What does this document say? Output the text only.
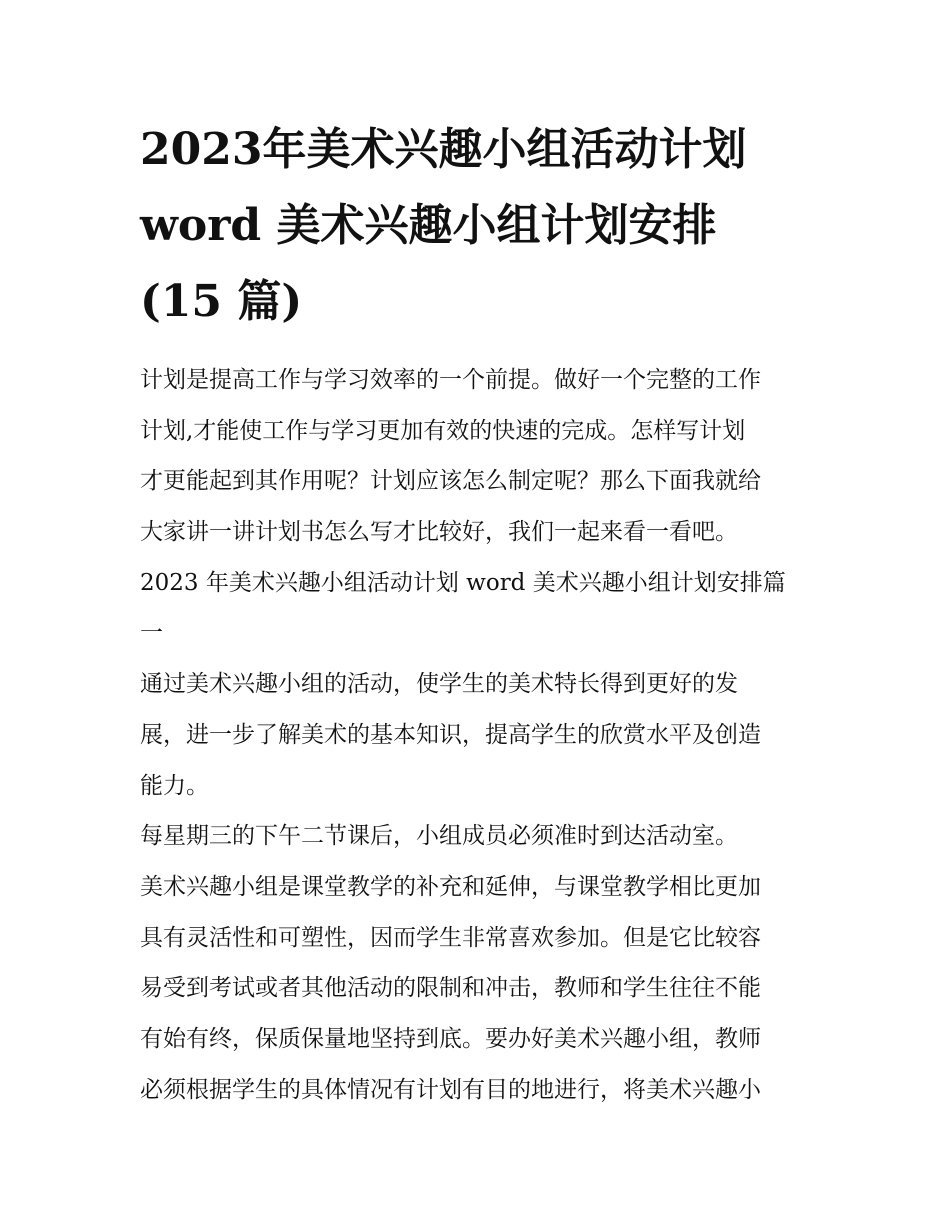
2023年美术兴趣小组活动计划
word 美术兴趣小组计划安排
(15 篇)
计划是提高工作与学习效率的一个前提。做好一个完整的工作
计划,才能使工作与学习更加有效的快速的完成。怎样写计划
才更能起到其作用呢？计划应该怎么制定呢？那么下面我就给
大家讲一讲计划书怎么写才比较好，我们一起来看一看吧。
2023 年美术兴趣小组活动计划 word 美术兴趣小组计划安排篇
一
通过美术兴趣小组的活动，使学生的美术特长得到更好的发
展，进一步了解美术的基本知识，提高学生的欣赏水平及创造
能力。
每星期三的下午二节课后，小组成员必须准时到达活动室。
美术兴趣小组是课堂教学的补充和延伸，与课堂教学相比更加
具有灵活性和可塑性，因而学生非常喜欢参加。但是它比较容
易受到考试或者其他活动的限制和冲击，教师和学生往往不能
有始有终，保质保量地坚持到底。要办好美术兴趣小组，教师
必须根据学生的具体情况有计划有目的地进行，将美术兴趣小
